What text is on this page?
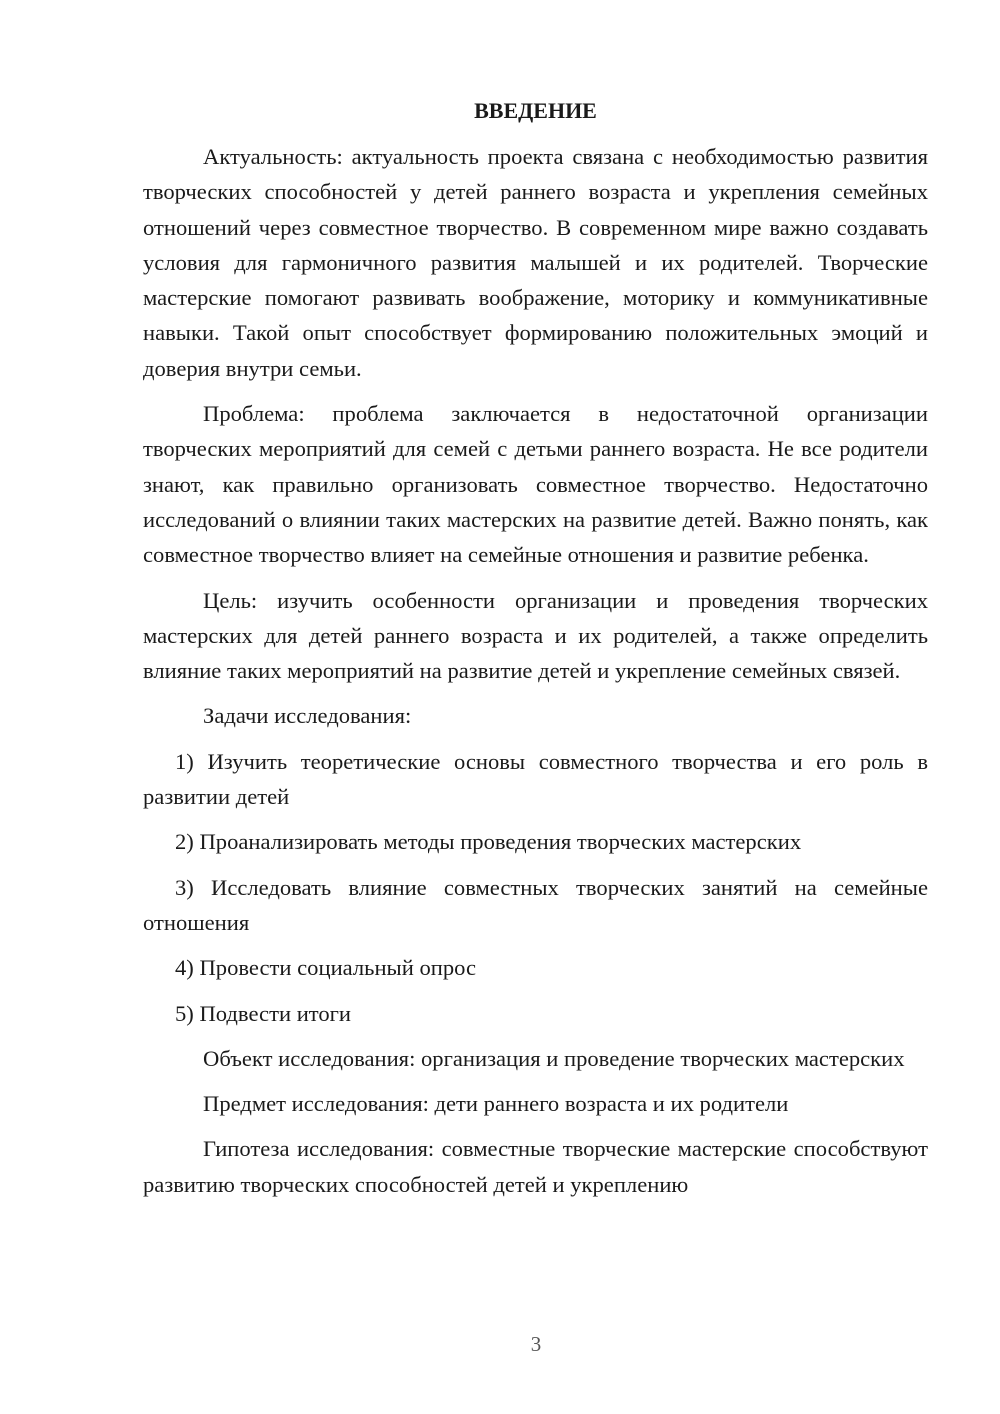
ВВЕДЕНИЕ

Актуальность: актуальность проекта связана с необходимостью развития творческих способностей у детей раннего возраста и укрепления семейных отношений через совместное творчество. В современном мире важно создавать условия для гармоничного развития малышей и их родителей. Творческие мастерские помогают развивать воображение, моторику и коммуникативные навыки. Такой опыт способствует формированию положительных эмоций и доверия внутри семьи.

Проблема: проблема заключается в недостаточной организации творческих мероприятий для семей с детьми раннего возраста. Не все родители знают, как правильно организовать совместное творчество. Недостаточно исследований о влиянии таких мастерских на развитие детей. Важно понять, как совместное творчество влияет на семейные отношения и развитие ребенка.

Цель: изучить особенности организации и проведения творческих мастерских для детей раннего возраста и их родителей, а также определить влияние таких мероприятий на развитие детей и укрепление семейных связей.

Задачи исследования:

1) Изучить теоретические основы совместного творчества и его роль в развитии детей

2) Проанализировать методы проведения творческих мастерских

3) Исследовать влияние совместных творческих занятий на семейные отношения

4) Провести социальный опрос

5) Подвести итоги

Объект исследования: организация и проведение творческих мастерских

Предмет исследования: дети раннего возраста и их родители

Гипотеза исследования: совместные творческие мастерские способствуют развитию творческих способностей детей и укреплению

3
